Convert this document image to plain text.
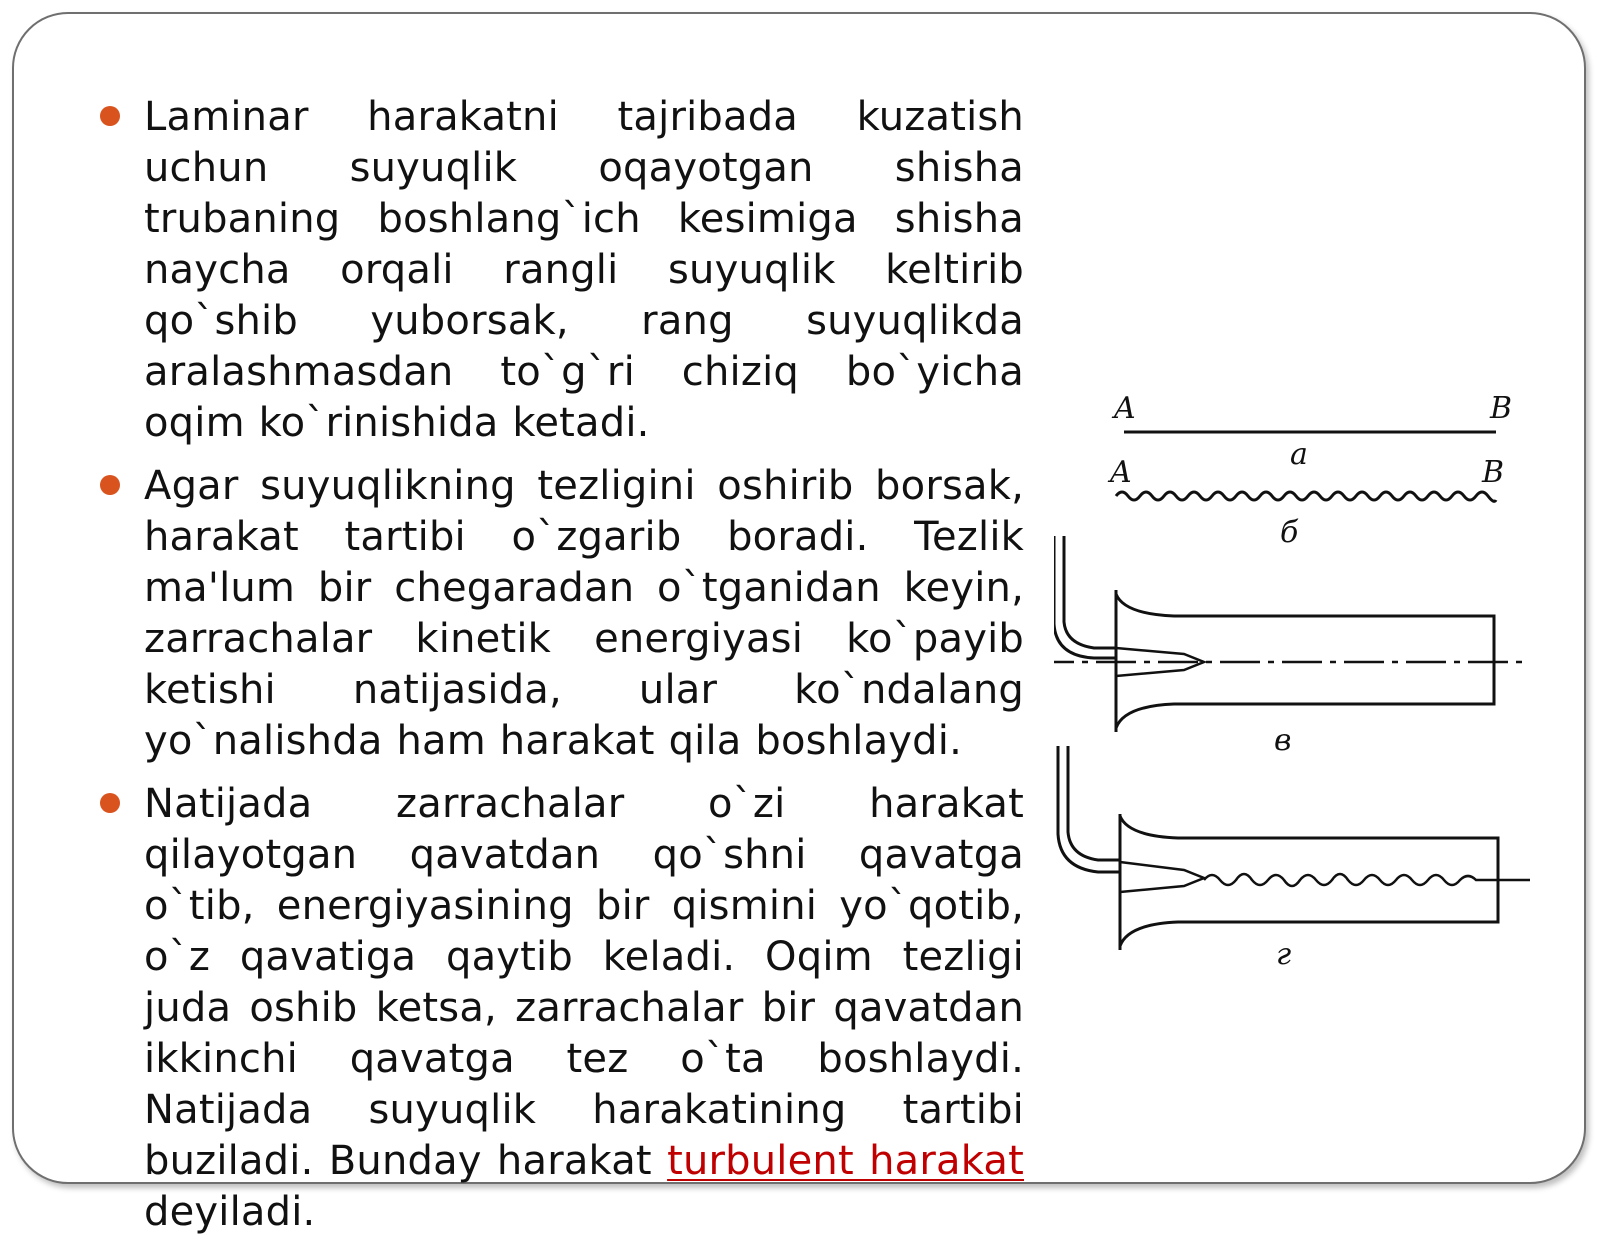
Laminar harakatni tajribada kuzatish uchun suyuqlik oqayotgan shisha trubaning boshlang`ich kesimiga shisha naycha orqali rangli suyuqlik keltirib qo`shib yuborsak, rang suyuqlikda aralashmasdan to`g`ri chiziq bo`yicha oqim ko`rinishida ketadi.
Agar suyuqlikning tezligini oshirib borsak, harakat tartibi o`zgarib boradi. Tezlik ma'lum bir chegaradan o`tganidan keyin, zarrachalar kinetik energiyasi ko`payib ketishi natijasida, ular ko`ndalang yo`nalishda ham harakat qila boshlaydi.
Natijada zarrachalar o`zi harakat qilayotgan qavatdan qo`shni qavatga o`tib, energiyasining bir qismini yo`qotib, o`z qavatiga qaytib keladi. Oqim tezligi juda oshib ketsa, zarrachalar bir qavatdan ikkinchi qavatga tez o`ta boshlaydi. Natijada suyuqlik harakatining tartibi buziladi. Bunday harakat turbulent harakat deyiladi.
A	B
a
A	B
б
в
г
